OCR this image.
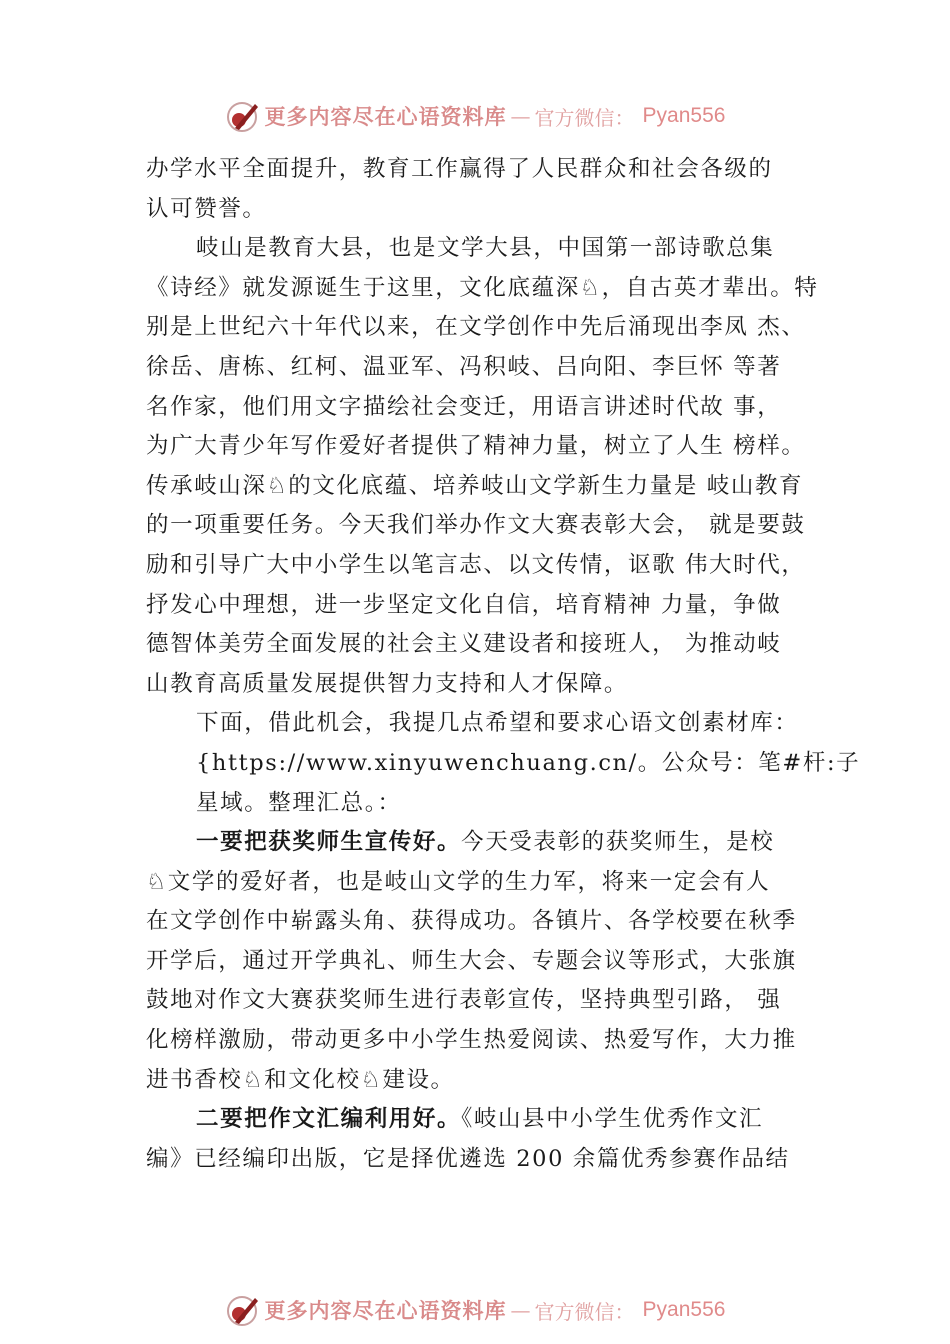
更多内容尽在心语资料库 — 官方微信： Pyan556
办学水平全面提升，教育工作赢得了人民群众和社会各级的
认可赞誉。
岐山是教育大县，也是文学大县，中国第一部诗歌总集
《诗经》就发源诞生于这里，文化底蕴深♘，自古英才辈出。特
别是上世纪六十年代以来，在文学创作中先后涌现出李凤 杰、
徐岳、唐栋、红柯、温亚军、冯积岐、吕向阳、李巨怀 等著
名作家，他们用文字描绘社会变迁，用语言讲述时代故 事，
为广大青少年写作爱好者提供了精神力量，树立了人生 榜样。
传承岐山深♘的文化底蕴、培养岐山文学新生力量是 岐山教育
的一项重要任务。今天我们举办作文大赛表彰大会， 就是要鼓
励和引导广大中小学生以笔言志、以文传情，讴歌 伟大时代，
抒发心中理想，进一步坚定文化自信，培育精神 力量，争做
德智体美劳全面发展的社会主义建设者和接班人， 为推动岐
山教育高质量发展提供智力支持和人才保障。
下面，借此机会，我提几点希望和要求心语文创素材库：
{https://www.xinyuwenchuang.cn/。公众号：笔#杆:子
星域。整理汇总。：
一要把获奖师生宣传好。今天受表彰的获奖师生，是校
♘文学的爱好者，也是岐山文学的生力军，将来一定会有人
在文学创作中崭露头角、获得成功。各镇片、各学校要在秋季
开学后，通过开学典礼、师生大会、专题会议等形式，大张旗
鼓地对作文大赛获奖师生进行表彰宣传，坚持典型引路， 强
化榜样激励，带动更多中小学生热爱阅读、热爱写作，大力推
进书香校♘和文化校♘建设。
二要把作文汇编利用好。《岐山县中小学生优秀作文汇
编》已经编印出版，它是择优遴选 200 余篇优秀参赛作品结
更多内容尽在心语资料库 — 官方微信： Pyan556
